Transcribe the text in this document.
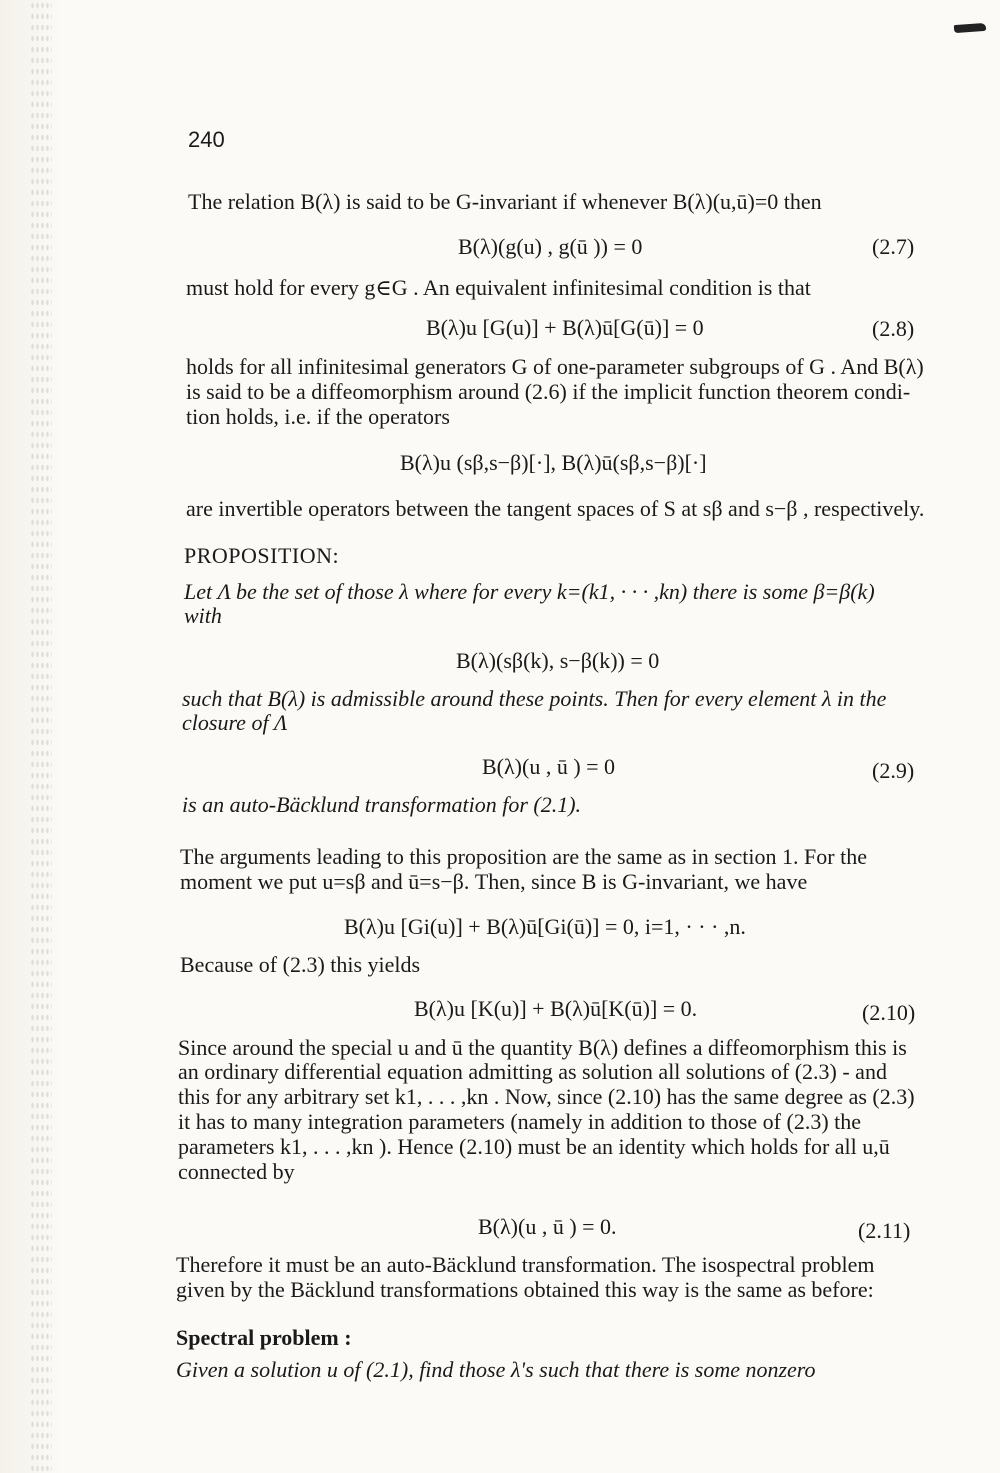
240
The relation B(λ) is said to be G-invariant if whenever B(λ)(u,ū)=0 then
B(λ)(g(u) , g(ū )) = 0	(2.7)
must hold for every g∈G . An equivalent infinitesimal condition is that
B(λ)u [G(u)] + B(λ)ū[G(ū)] = 0	(2.8)
holds for all infinitesimal generators G of one-parameter subgroups of G . And B(λ)
is said to be a diffeomorphism around (2.6) if the implicit function theorem condi-
tion holds, i.e. if the operators
B(λ)u (sβ,s−β)[·], B(λ)ū(sβ,s−β)[·]
are invertible operators between the tangent spaces of S at sβ and s−β , respectively.
PROPOSITION:
Let Λ be the set of those λ where for every k=(k1, · · · ,kn) there is some β=β(k)
with
B(λ)(sβ(k), s−β(k)) = 0
such that B(λ) is admissible around these points. Then for every element λ in the
closure of Λ
B(λ)(u , ū ) = 0	(2.9)
is an auto-Bäcklund transformation for (2.1).
The arguments leading to this proposition are the same as in section 1. For the
moment we put u=sβ and ū=s−β. Then, since B is G-invariant, we have
B(λ)u [Gi(u)] + B(λ)ū[Gi(ū)] = 0, i=1, · · · ,n.
Because of (2.3) this yields
B(λ)u [K(u)] + B(λ)ū[K(ū)] = 0.	(2.10)
Since around the special u and ū the quantity B(λ) defines a diffeomorphism this is
an ordinary differential equation admitting as solution all solutions of (2.3) - and
this for any arbitrary set k1, . . . ,kn . Now, since (2.10) has the same degree as (2.3)
it has to many integration parameters (namely in addition to those of (2.3) the
parameters k1, . . . ,kn ). Hence (2.10) must be an identity which holds for all u,ū
connected by
B(λ)(u , ū ) = 0.	(2.11)
Therefore it must be an auto-Bäcklund transformation. The isospectral problem
given by the Bäcklund transformations obtained this way is the same as before:
Spectral problem :
Given a solution u of (2.1), find those λ's such that there is some nonzero
